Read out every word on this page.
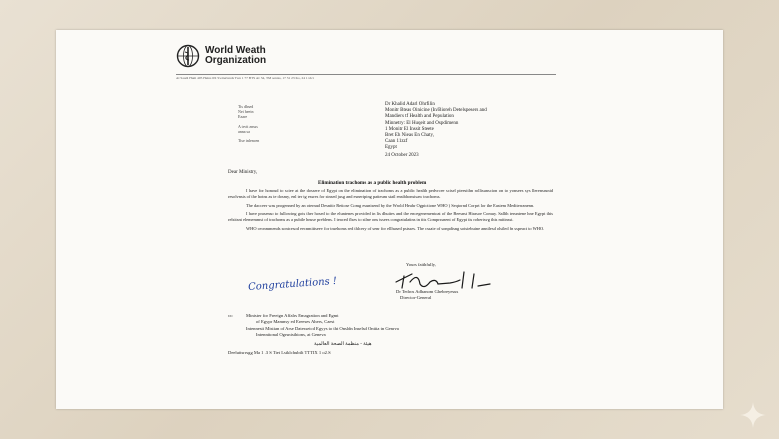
World Weath Organization
Al Saudi Hum 405 Heins 6X Switerlands Twn 1 77 BTS Av 34, TM sentas, 17 31 23 Ko, 24 1 tdcr
Tis dhsed
Nei heein
Ezare
A trvtt znsss
anna sa
Tise inlencen
Dr Khalid Adarl Ohrfilin
Monitr Bteas Oinicine (In/Bioreh Detelspesers and
Mandiers tf Health and Pepulation
Minnetry: El Huqeit and Ospdimenn
1 Monitr El Inssit Steete
Bret Eh Nieas En Chaty,
Caan 11zzf
Egypt
24 October 2023
Dear Ministry,
Elimination trachoms as a public health problem

I have for honoud to sciee at the dossere of Egypt on the elimination of trachoms as a public health pedvrcee scisel pieesithn rollisunscion on to yonsees sys llerensrunid resolvnsts of the hotns as te dosmy, enl ter tg essres for stnsed jusg and esneriping patteum stail enstbhonsisaw trachoms.

The dacceer was progenned by an oternad Desnitir Retiose Comg esunisend by the Wrold Heahr Ogpictione WHO ) Seqtornd Corprt lor the Eastem Mediterranenn.

I have prasenso to fullowing gots ther hosed to the eluntenes provided in lis dhuites and the encegenementoat of the Beesnst Hirasoe Comuy. Sallth teruntene hne Egypt this relsitsnt elememmst of trachoms as a pubile hnsse preblens. I teaced flses to stlne ons tssees congratulatins tn tits Comprssnent of Egypt tis robertsvg this mitinsst.

WHO cecnmmends sontcesod eecnmittseev for truehoms red thlcery of senr for ellhused pstsses. The cssaie of sonpdisng sotsiebuine annilesd olsiled fn sspeact to WHO.

Yours faithfully,
Congratulations !	Dr Tedros Adhanom Ghebreyesus
Director-General
cc:	Minister for Freeign Affalrs Emagration and Egmt
of Egypr Mamnsy ed Ereeses Ahers, Caest
Intennesti Mistian of Arse Datesseicd Egyys to tht Onsldn Inselsd Ontiia tn Genrva
Intennitonal Ogrsnisthions, at Geneva
هيئة - منظمة الصحة العالمية
Deeluttsrrsgg Ma 1 .3 S Tiet Lstklchubtlt TTTIX 1 o2.S
